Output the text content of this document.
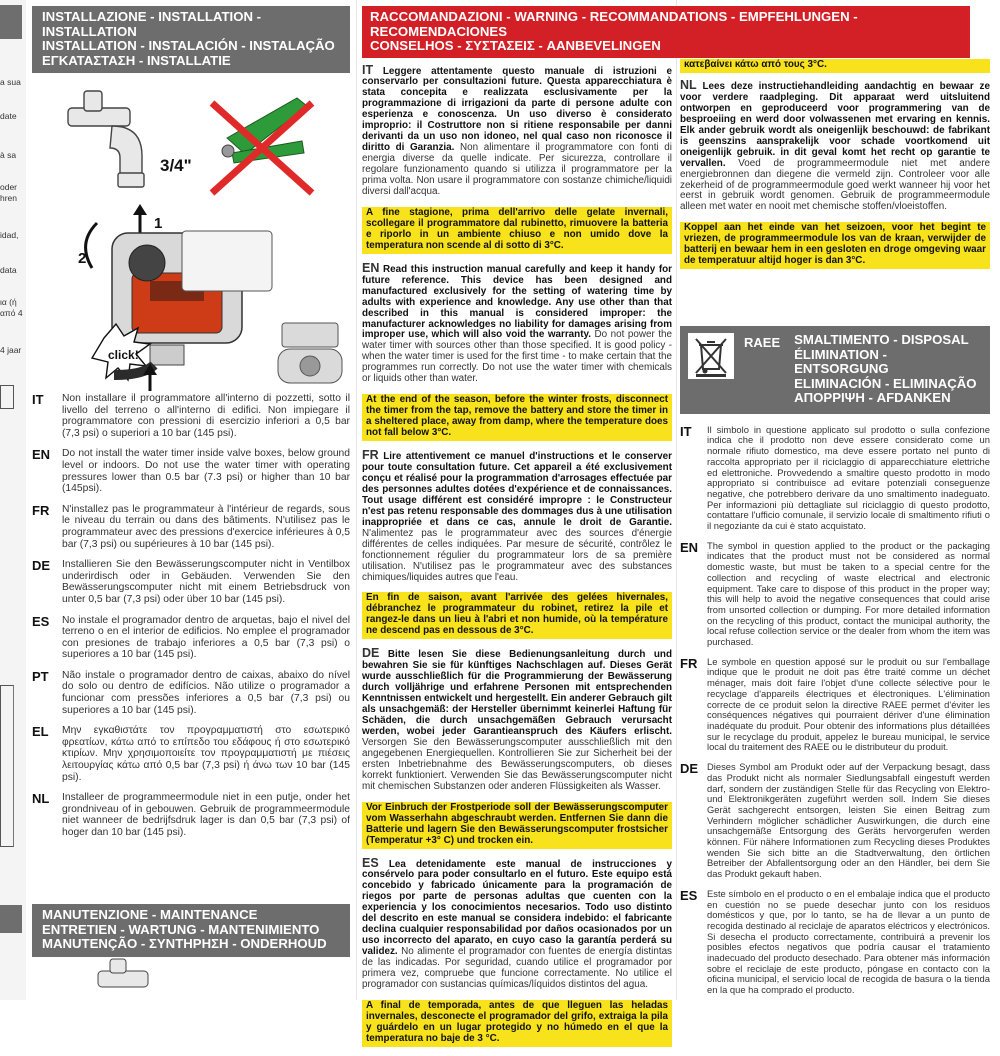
a sua
date
à sa
oder
hren
idad,
data
ια (ή
από 4
4 jaar
INSTALLAZIONE - INSTALLATION - INSTALLATION
INSTALLATION - INSTALACIÓN - INSTALAÇÃO
ΕΓΚΑΤΑΣΤΑΣΗ - INSTALLATIE
3/4"
1
2
click!
IT	Non installare il programmatore all'interno di pozzetti, sotto il livello del terreno o all'interno di edifici. Non impiegare il programmatore con pressioni di esercizio inferiori a 0,5 bar (7,3 psi) o superiori a 10 bar (145 psi).
EN	Do not install the water timer inside valve boxes, below ground level or indoors. Do not use the water timer with operating pressures lower than 0.5 bar (7.3 psi) or higher than 10 bar (145psi).
FR	N'installez pas le programmateur à l'intérieur de regards, sous le niveau du terrain ou dans des bâtiments. N'utilisez pas le programmateur avec des pressions d'exercice inférieures à 0,5 bar (7,3 psi) ou supérieures à 10 bar (145 psi).
DE	Installieren Sie den Bewässerungscomputer nicht in Ventilbox underirdisch oder in Gebäuden. Verwenden Sie den Bewässerungscomputer nicht mit einem Betriebsdruck von unter 0,5 bar (7,3 psi) oder über 10 bar (145 psi).
ES	No instale el programador dentro de arquetas, bajo el nivel del terreno o en el interior de edificios. No emplee el programador con presiones de trabajo inferiores a 0,5 bar (7,3 psi) o superiores a 10 bar (145 psi).
PT	Não instale o programador dentro de caixas, abaixo do nível do solo ou dentro de edifícios. Não utilize o programador a funcionar com pressões inferiores a 0,5 bar (7,3 psi) ou superiores a 10 bar (145 psi).
EL	Μην εγκαθιστάτε τον προγραμματιστή στο εσωτερικό φρεατίων, κάτω από το επίπεδο του εδάφους ή στο εσωτερικό κτιρίων. Μην χρησιμοποιείτε τον προγραμματιστή με πιέσεις λειτουργίας κάτω από 0,5 bar (7,3 psi) ή άνω των 10 bar (145 psi).
NL	Installeer de programmeermodule niet in een putje, onder het grondniveau of in gebouwen. Gebruik de programmeermodule niet wanneer de bedrijfsdruk lager is dan 0,5 bar (7,3 psi) of hoger dan 10 bar (145 psi).
MANUTENZIONE - MAINTENANCE
ENTRETIEN - WARTUNG - MANTENIMIENTO
MANUTENÇÃO - ΣΥΝΤΗΡΗΣΗ - ONDERHOUD
RACCOMANDAZIONI - WARNING - RECOMMANDATIONS - EMPFEHLUNGEN - RECOMENDACIONES
CONSELHOS - ΣΥΣΤΑΣΕΙΣ - AANBEVELINGEN
IT Leggere attentamente questo manuale di istruzioni e conservarlo per consultazioni future. Questa apparecchiatura è stata concepita e realizzata esclusivamente per la programmazione di irrigazioni da parte di persone adulte con esperienza e conoscenza. Un uso diverso è considerato improprio: il Costruttore non si ritiene responsabile per danni derivanti da un uso non idoneo, nel qual caso non riconosce il diritto di Garanzia. Non alimentare il programmatore con fonti di energia diverse da quelle indicate. Per sicurezza, controllare il regolare funzionamento quando si utilizza il programmatore per la prima volta. Non usare il programmatore con sostanze chimiche/liquidi diversi dall'acqua.
A fine stagione, prima dell'arrivo delle gelate invernali, scollegare il programmatore dal rubinetto, rimuovere la batteria e riporlo in un ambiente chiuso e non umido dove la temperatura non scende al di sotto di 3°C.
EN Read this instruction manual carefully and keep it handy for future reference. This device has been designed and manufactured exclusively for the setting of watering time by adults with experience and knowledge. Any use other than that described in this manual is considered improper: the manufacturer acknowledges no liability for damages arising from improper use, which will also void the warranty. Do not power the water timer with sources other than those specified. It is good policy - when the water timer is used for the first time - to make certain that the programmes run correctly. Do not use the water timer with chemicals or liquids other than water.
At the end of the season, before the winter frosts, disconnect the timer from the tap, remove the battery and store the timer in a sheltered place, away from damp, where the temperature does not fall below 3°C.
FR Lire attentivement ce manuel d'instructions et le conserver pour toute consultation future. Cet appareil a été exclusivement conçu et réalisé pour la programmation d'arrosages effectuée par des personnes adultes dotées d'expérience et de connaissances. Tout usage différent est considéré impropre : le Constructeur n'est pas retenu responsable des dommages dus à une utilisation inappropriée et dans ce cas, annule le droit de Garantie. N'alimentez pas le programmateur avec des sources d'énergie différentes de celles indiquées. Par mesure de sécurité, contrôlez le fonctionnement régulier du programmateur lors de sa première utilisation. N'utilisez pas le programmateur avec des substances chimiques/liquides autres que l'eau.
En fin de saison, avant l'arrivée des gelées hivernales, débranchez le programmateur du robinet, retirez la pile et rangez-le dans un lieu à l'abri et non humide, où la température ne descend pas en dessous de 3°C.
DE Bitte lesen Sie diese Bedienungsanleitung durch und bewahren Sie sie für künftiges Nachschlagen auf. Dieses Gerät wurde ausschließlich für die Programmierung der Bewässerung durch volljährige und erfahrene Personen mit entsprechenden Kenntnissen entwickelt und hergestellt. Ein anderer Gebrauch gilt als unsachgemäß: der Hersteller übernimmt keinerlei Haftung für Schäden, die durch unsachgemäßen Gebrauch verursacht werden, wobei jeder Garantieanspruch des Käufers erlischt. Versorgen Sie den Bewässerungscomputer ausschließlich mit den angegebenen Energiequellen. Kontrollieren Sie zur Sicherheit bei der ersten Inbetriebnahme des Bewässerungscomputers, ob dieses korrekt funktioniert. Verwenden Sie das Bewässerungscomputer nicht mit chemischen Substanzen oder anderen Flüssigkeiten als Wasser.
Vor Einbruch der Frostperiode soll der Bewässerungscomputer vom Wasserhahn abgeschraubt werden. Entfernen Sie dann die Batterie und lagern Sie den Bewässerungscomputer frostsicher (Temperatur +3° C) und trocken ein.
ES Lea detenidamente este manual de instrucciones y consérvelo para poder consultarlo en el futuro. Este equipo está concebido y fabricado únicamente para la programación de riegos por parte de personas adultas que cuenten con la experiencia y los conocimientos necesarios. Todo uso distinto del descrito en este manual se considera indebido: el fabricante declina cualquier responsabilidad por daños ocasionados por un uso incorrecto del aparato, en cuyo caso la garantía perderá su validez. No alimente el programador con fuentes de energía distintas de las indicadas. Por seguridad, cuando utilice el programador por primera vez, compruebe que funcione correctamente. No utilice el programador con sustancias químicas/líquidos distintos del agua.
A final de temporada, antes de que lleguen las heladas invernales, desconecte el programador del grifo, extraiga la pila y guárdelo en un lugar protegido y no húmedo en el que la temperatura no baje de 3 °C.
κατεβαίνει κάτω από τους 3°C.
NL Lees deze instructiehandleiding aandachtig en bewaar ze voor verdere raadpleging. Dit apparaat werd uitsluitend ontworpen en geproduceerd voor programmering van de besproeiing en werd door volwassenen met ervaring en kennis. Elk ander gebruik wordt als oneigenlijk beschouwd: de fabrikant is geenszins aansprakelijk voor schade voortkomend uit oneigenlijk gebruik. in dit geval komt het recht op garantie te vervallen. Voed de programmeermodule niet met andere energiebronnen dan diegene die vermeld zijn. Controleer voor alle zekerheid of de programmeermodule goed werkt wanneer hij voor het eerst in gebruik wordt genomen. Gebruik de programmeermodule alleen met water en nooit met chemische stoffen/vloeistoffen.
Koppel aan het einde van het seizoen, voor het begint te vriezen, de programmeermodule los van de kraan, verwijder de batterij en bewaar hem in een gesloten en droge omgeving waar de temperatuur altijd hoger is dan 3°C.
RAEE SMALTIMENTO - DISPOSAL
ÉLIMINATION - ENTSORGUNG
ELIMINACIÓN - ELIMINAÇÃO
ΑΠΟΡΡΙΨΗ - AFDANKEN
IT	Il simbolo in questione applicato sul prodotto o sulla confezione indica che il prodotto non deve essere considerato come un normale rifiuto domestico, ma deve essere portato nel punto di raccolta appropriato per il riciclaggio di apparecchiature elettriche ed elettroniche. Provvedendo a smaltire questo prodotto in modo appropriato si contribuisce ad evitare potenziali conseguenze negative, che potrebbero derivare da uno smaltimento inadeguato. Per informazioni più dettagliate sul riciclaggio di questo prodotto, contattare l'ufficio comunale, il servizio locale di smaltimento rifiuti o il negoziante da cui è stato acquistato.
EN The symbol in question applied to the product or the packaging indicates that the product must not be considered as normal domestic waste, but must be taken to a special centre for the collection and recycling of waste electrical and electronic equipment. Take care to dispose of this product in the proper way; this will help to avoid the negative consequences that could arise from unsorted collection or dumping. For more detailed information on the recycling of this product, contact the municipal authority, the local refuse collection service or the dealer from whom the item was purchased.
FR	Le symbole en question apposé sur le produit ou sur l'emballage indique que le produit ne doit pas être traité comme un déchet ménager, mais doit faire l'objet d'une collecte sélective pour le recyclage d'appareils électriques et électroniques. L'élimination correcte de ce produit selon la directive RAEE permet d'éviter les conséquences négatives qui pourraient dériver d'une élimination inadéquate du produit. Pour obtenir des informations plus détaillées sur le recyclage du produit, appelez le bureau municipal, le service local du traitement des RAEE ou le distributeur du produit.
DE Dieses Symbol am Produkt oder auf der Verpackung besagt, dass das Produkt nicht als normaler Siedlungsabfall eingestuft werden darf, sondern der zuständigen Stelle für das Recycling von Elektro- und Elektronikgeräten zugeführt werden soll. Indem Sie dieses Gerät sachgerecht entsorgen, leisten Sie einen Beitrag zum Verhindern möglicher schädlicher Auswirkungen, die durch eine unsachgemäße Entsorgung des Geräts hervorgerufen werden können. Für nähere Informationen zum Recycling dieses Produktes wenden Sie sich bitte an die Stadtverwaltung, den örtlichen Betreiber der Abfallentsorgung oder an den Händler, bei dem Sie das Produkt gekauft haben.
ES	Este símbolo en el producto o en el embalaje indica que el producto en cuestión no se puede desechar junto con los residuos domésticos y que, por lo tanto, se ha de llevar a un punto de recogida destinado al reciclaje de aparatos eléctricos y electrónicos. Si desecha el producto correctamente, contribuirá a prevenir los posibles efectos negativos que podría causar el tratamiento inadecuado del producto desechado. Para obtener más información sobre el reciclaje de este producto, póngase en contacto con la oficina municipal, el servicio local de recogida de basura o la tienda en la que ha comprado el producto.
